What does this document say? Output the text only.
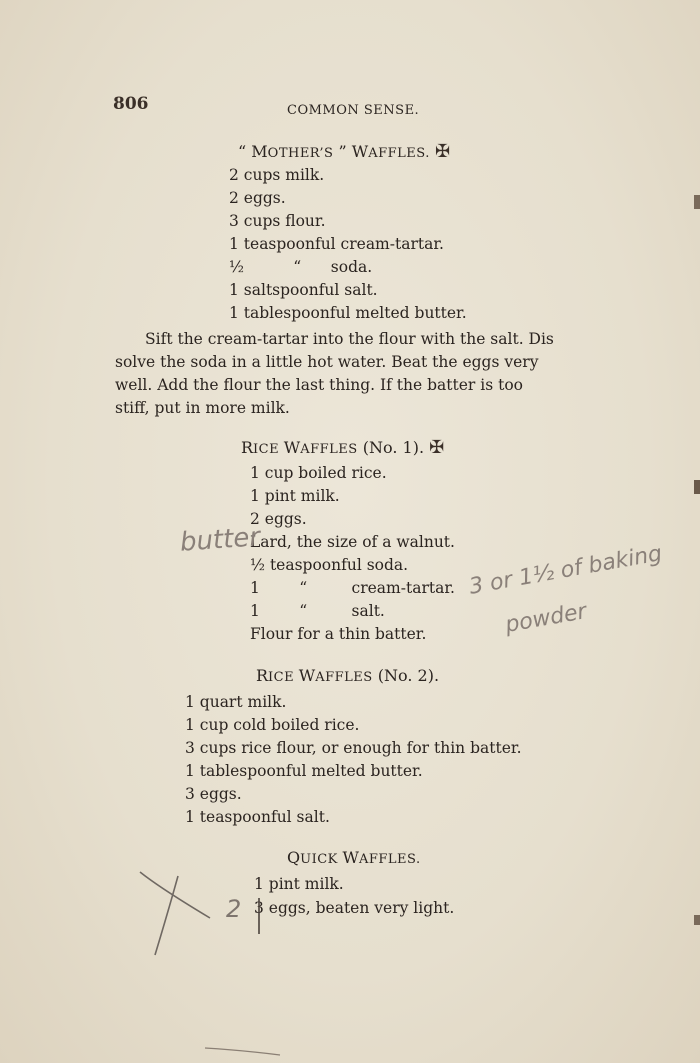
806	COMMON SENSE.
“ MOTHER’S ” WAFFLES. ✠
2 cups milk.
2 eggs.
3 cups flour.
1 teaspoonful cream-tartar.
½          “      soda.
1 saltspoonful salt.
1 tablespoonful melted butter.
Sift the cream-tartar into the flour with the salt. Dis
solve the soda in a little hot water. Beat the eggs very
well. Add the flour the last thing. If the batter is too
stiff, put in more milk.
RICE WAFFLES (No. 1). ✠
1 cup boiled rice.
1 pint milk.
2 eggs.
Lard, the size of a walnut.
½ teaspoonful soda.
1        “         cream-tartar.
1        “         salt.
Flour for a thin batter.
RICE WAFFLES (No. 2).
1 quart milk.
1 cup cold boiled rice.
3 cups rice flour, or enough for thin batter.
1 tablespoonful melted butter.
3 eggs.
1 teaspoonful salt.
QUICK WAFFLES.
1 pint milk.
3 eggs, beaten very light.
butter
3 or 1½ of baking
powder
2
